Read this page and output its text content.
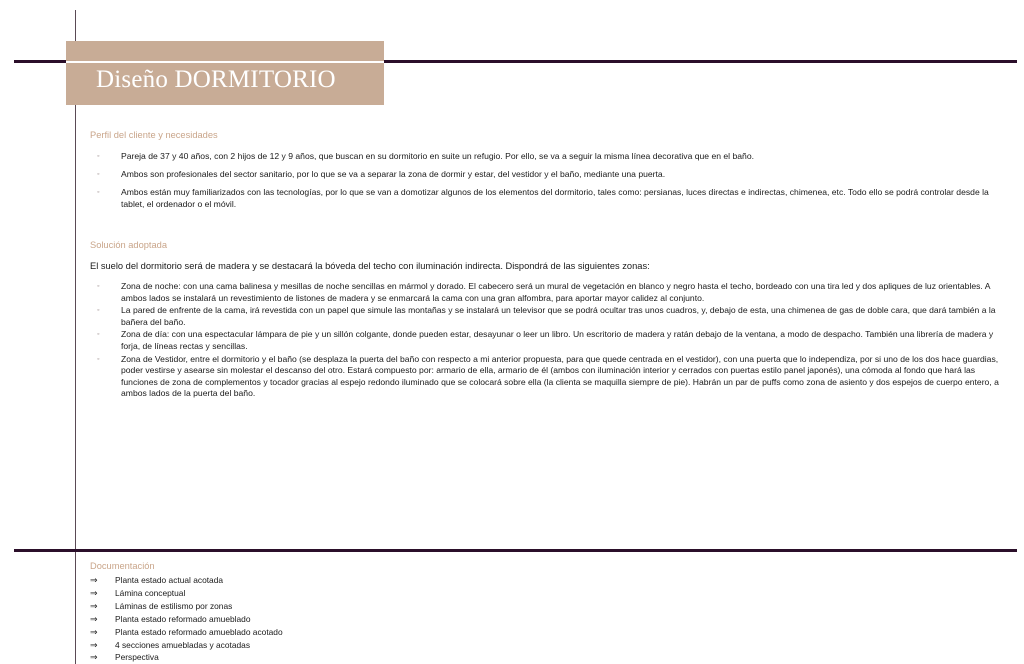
Diseño DORMITORIO
Perfil del cliente y necesidades
◦	Pareja de 37 y 40 años, con 2 hijos de 12 y 9 años, que buscan en su dormitorio en suite un refugio. Por ello, se va a seguir la misma línea decorativa que en el baño.
◦	Ambos son profesionales del sector sanitario, por lo que se va a separar la zona de dormir y estar, del vestidor y el baño, mediante una puerta.
◦	Ambos están muy familiarizados con las tecnologías, por lo que se van a domotizar algunos de los elementos del dormitorio, tales como: persianas, luces directas e indirectas, chimenea, etc. Todo ello se podrá controlar desde la tablet, el ordenador o el móvil.
Solución adoptada
El suelo del dormitorio será de madera y se destacará la bóveda del techo con iluminación indirecta. Dispondrá de las siguientes zonas:
◦	Zona de noche: con una cama balinesa y mesillas de noche sencillas en mármol y dorado. El cabecero será un mural de vegetación en blanco y negro hasta el techo, bordeado con una tira led y dos apliques de luz orientables. A ambos lados se instalará un revestimiento de listones de madera y se enmarcará la cama con una gran alfombra, para aportar mayor calidez al conjunto.
◦	La pared de enfrente de la cama, irá revestida con un papel que simule las montañas y se instalará un televisor que se podrá ocultar tras unos cuadros, y, debajo de esta, una chimenea de gas de doble cara, que dará también a la bañera del baño.
◦	Zona de día: con una espectacular lámpara de pie y un sillón colgante, donde pueden estar, desayunar o leer un libro. Un escritorio de madera y ratán debajo de la ventana, a modo de despacho. También una librería de madera y forja, de líneas rectas y sencillas.
◦	Zona de Vestidor, entre el dormitorio y el baño (se desplaza la puerta del baño con respecto a mi anterior propuesta, para que quede centrada en el vestidor), con una puerta que lo independiza, por si uno de los dos hace guardias, poder vestirse y asearse sin molestar el descanso del otro. Estará compuesto por: armario de ella, armario de él (ambos con iluminación interior y cerrados con puertas estilo panel japonés), una cómoda al fondo que hará las funciones de zona de complementos y tocador gracias al espejo redondo iluminado que se colocará sobre ella (la clienta se maquilla siempre de pie). Habrán un par de puffs como zona de asiento y dos espejos de cuerpo entero, a ambos lados de la puerta del baño.
Documentación
⇒ Planta estado actual acotada
⇒ Lámina conceptual
⇒ Láminas de estilismo por zonas
⇒ Planta estado reformado amueblado
⇒ Planta estado reformado amueblado acotado
⇒ 4 secciones amuebladas y acotadas
⇒ Perspectiva
